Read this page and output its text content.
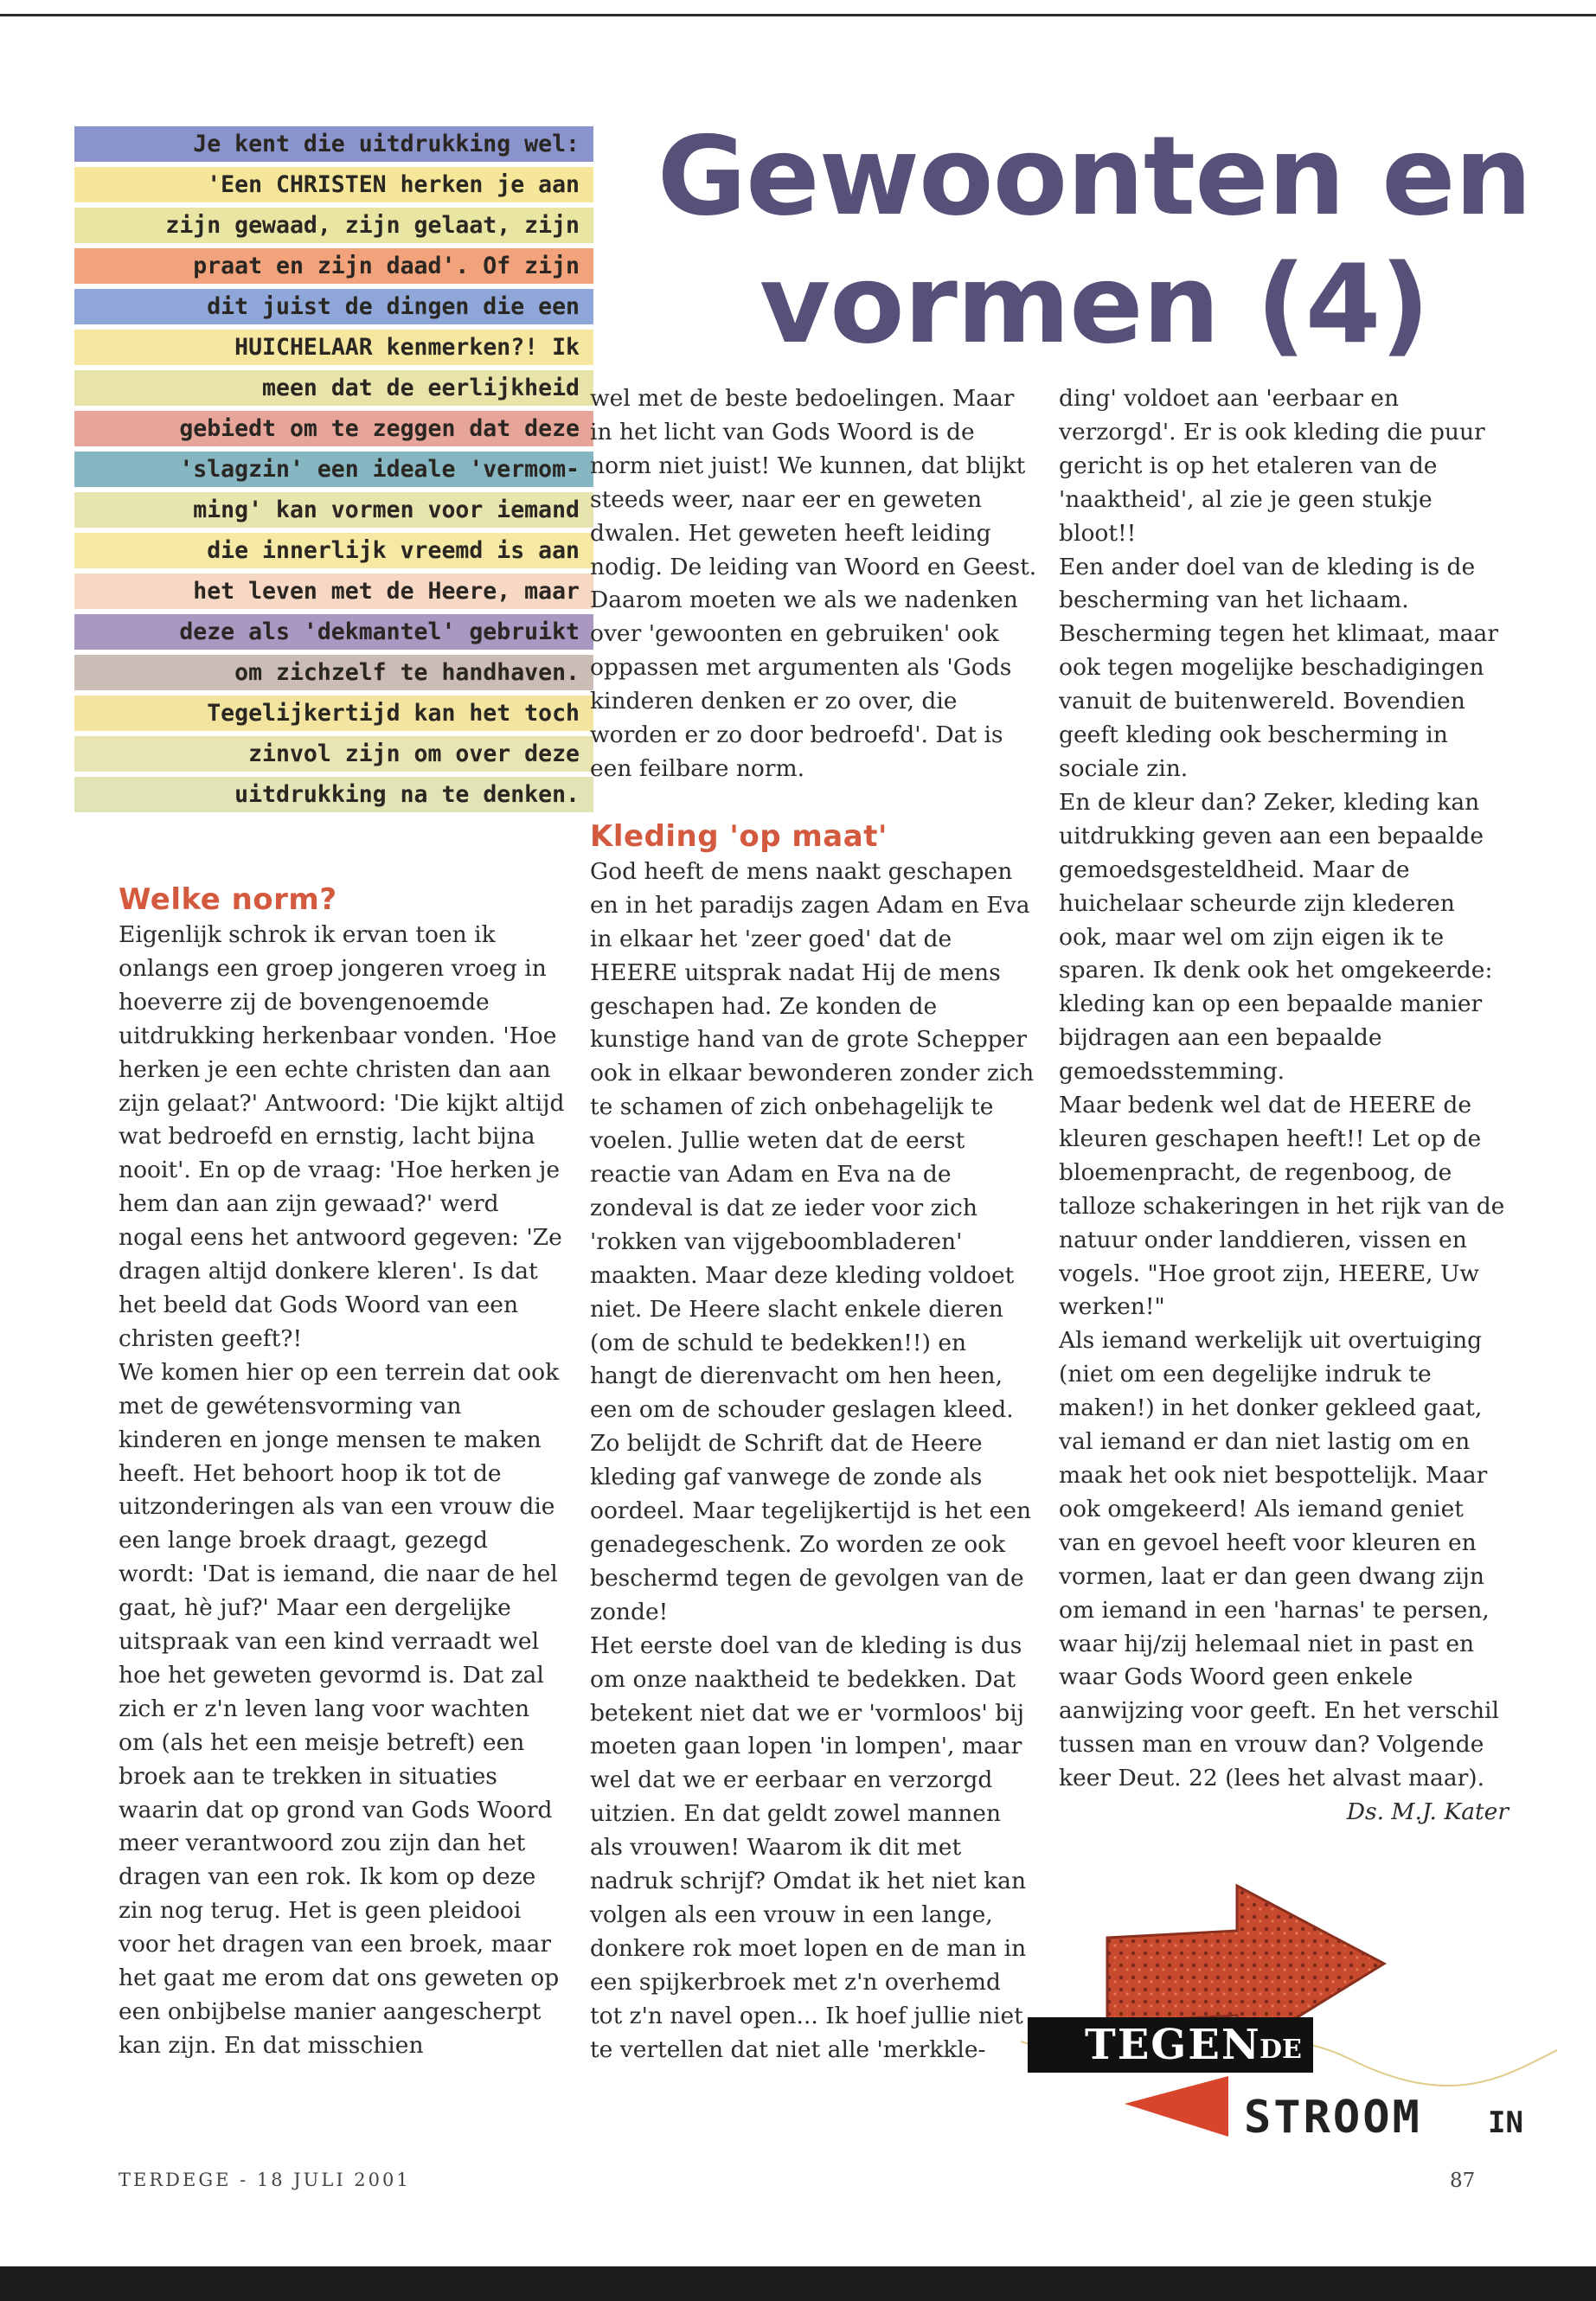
Je kent die uitdrukking wel:
'Een CHRISTEN herken je aan
zijn gewaad, zijn gelaat, zijn
praat en zijn daad'. Of zijn
dit juist de dingen die een
HUICHELAAR kenmerken?! Ik
meen dat de eerlijkheid
gebiedt om te zeggen dat deze
'slagzin' een ideale 'vermom-
ming' kan vormen voor iemand
die innerlijk vreemd is aan
het leven met de Heere, maar
deze als 'dekmantel' gebruikt
om zichzelf te handhaven.
Tegelijkertijd kan het toch
zinvol zijn om over deze
uitdrukking na te denken.
Gewoonten en
vormen (4)
Welke norm?

Eigenlijk schrok ik ervan toen ik onlangs een groep jongeren vroeg in hoeverre zij de bovengenoemde uitdrukking herkenbaar vonden. 'Hoe herken je een echte christen dan aan zijn gelaat?' Antwoord: 'Die kijkt altijd wat bedroefd en ernstig, lacht bijna nooit'. En op de vraag: 'Hoe herken je hem dan aan zijn gewaad?' werd nogal eens het antwoord gegeven: 'Ze dragen altijd donkere kleren'. Is dat het beeld dat Gods Woord van een christen geeft?!

We komen hier op een terrein dat ook met de gewétensvorming van kinderen en jonge mensen te maken heeft. Het behoort hoop ik tot de uitzonderingen als van een vrouw die een lange broek draagt, gezegd wordt: 'Dat is iemand, die naar de hel gaat, hè juf?' Maar een dergelijke uitspraak van een kind verraadt wel hoe het geweten gevormd is. Dat zal zich er z'n leven lang voor wachten om (als het een meisje betreft) een broek aan te trekken in situaties waarin dat op grond van Gods Woord meer verantwoord zou zijn dan het dragen van een rok. Ik kom op deze zin nog terug. Het is geen pleidooi voor het dragen van een broek, maar het gaat me erom dat ons geweten op een onbijbelse manier aangescherpt kan zijn. En dat misschien

wel met de beste bedoelingen. Maar in het licht van Gods Woord is de norm niet juist! We kunnen, dat blijkt steeds weer, naar eer en geweten dwalen. Het geweten heeft leiding nodig. De leiding van Woord en Geest.

Daarom moeten we als we nadenken over 'gewoonten en gebruiken' ook oppassen met argumenten als 'Gods kinderen denken er zo over, die worden er zo door bedroefd'. Dat is een feilbare norm.

Kleding 'op maat'

God heeft de mens naakt geschapen en in het paradijs zagen Adam en Eva in elkaar het 'zeer goed' dat de HEERE uitsprak nadat Hij de mens geschapen had. Ze konden de kunstige hand van de grote Schepper ook in elkaar bewonderen zonder zich te schamen of zich onbehagelijk te voelen. Jullie weten dat de eerst reactie van Adam en Eva na de zondeval is dat ze ieder voor zich 'rokken van vijgeboombladeren' maakten. Maar deze kleding voldoet niet. De Heere slacht enkele dieren (om de schuld te bedekken!!) en hangt de dierenvacht om hen heen, een om de schouder geslagen kleed. Zo belijdt de Schrift dat de Heere kleding gaf vanwege de zonde als oordeel. Maar tegelijkertijd is het een genadegeschenk. Zo worden ze ook beschermd tegen de gevolgen van de zonde!

Het eerste doel van de kleding is dus om onze naaktheid te bedekken. Dat betekent niet dat we er 'vormloos' bij moeten gaan lopen 'in lompen', maar wel dat we er eerbaar en verzorgd uitzien. En dat geldt zowel mannen als vrouwen! Waarom ik dit met nadruk schrijf? Omdat ik het niet kan volgen als een vrouw in een lange, donkere rok moet lopen en de man in een spijkerbroek met z'n overhemd tot z'n navel open... Ik hoef jullie niet te vertellen dat niet alle 'merkkle-

ding' voldoet aan 'eerbaar en verzorgd'. Er is ook kleding die puur gericht is op het etaleren van de 'naaktheid', al zie je geen stukje bloot!!

Een ander doel van de kleding is de bescherming van het lichaam. Bescherming tegen het klimaat, maar ook tegen mogelijke beschadigingen vanuit de buitenwereld. Bovendien geeft kleding ook bescherming in sociale zin.

En de kleur dan? Zeker, kleding kan uitdrukking geven aan een bepaalde gemoedsgesteldheid. Maar de huichelaar scheurde zijn klederen ook, maar wel om zijn eigen ik te sparen. Ik denk ook het omgekeerde: kleding kan op een bepaalde manier bijdragen aan een bepaalde gemoedsstemming.

Maar bedenk wel dat de HEERE de kleuren geschapen heeft!! Let op de bloemenpracht, de regenboog, de talloze schakeringen in het rijk van de natuur onder landdieren, vissen en vogels. "Hoe groot zijn, HEERE, Uw werken!"

Als iemand werkelijk uit overtuiging (niet om een degelijke indruk te maken!) in het donker gekleed gaat, val iemand er dan niet lastig om en maak het ook niet bespottelijk. Maar ook omgekeerd! Als iemand geniet van en gevoel heeft voor kleuren en vormen, laat er dan geen dwang zijn om iemand in een 'harnas' te persen, waar hij/zij helemaal niet in past en waar Gods Woord geen enkele aanwijzing voor geeft. En het verschil tussen man en vrouw dan? Volgende keer Deut. 22 (lees het alvast maar).

Ds. M.J. Kater

TEGEN
DE
STROOM IN
TERDEGE - 18 JULI 2001	87
